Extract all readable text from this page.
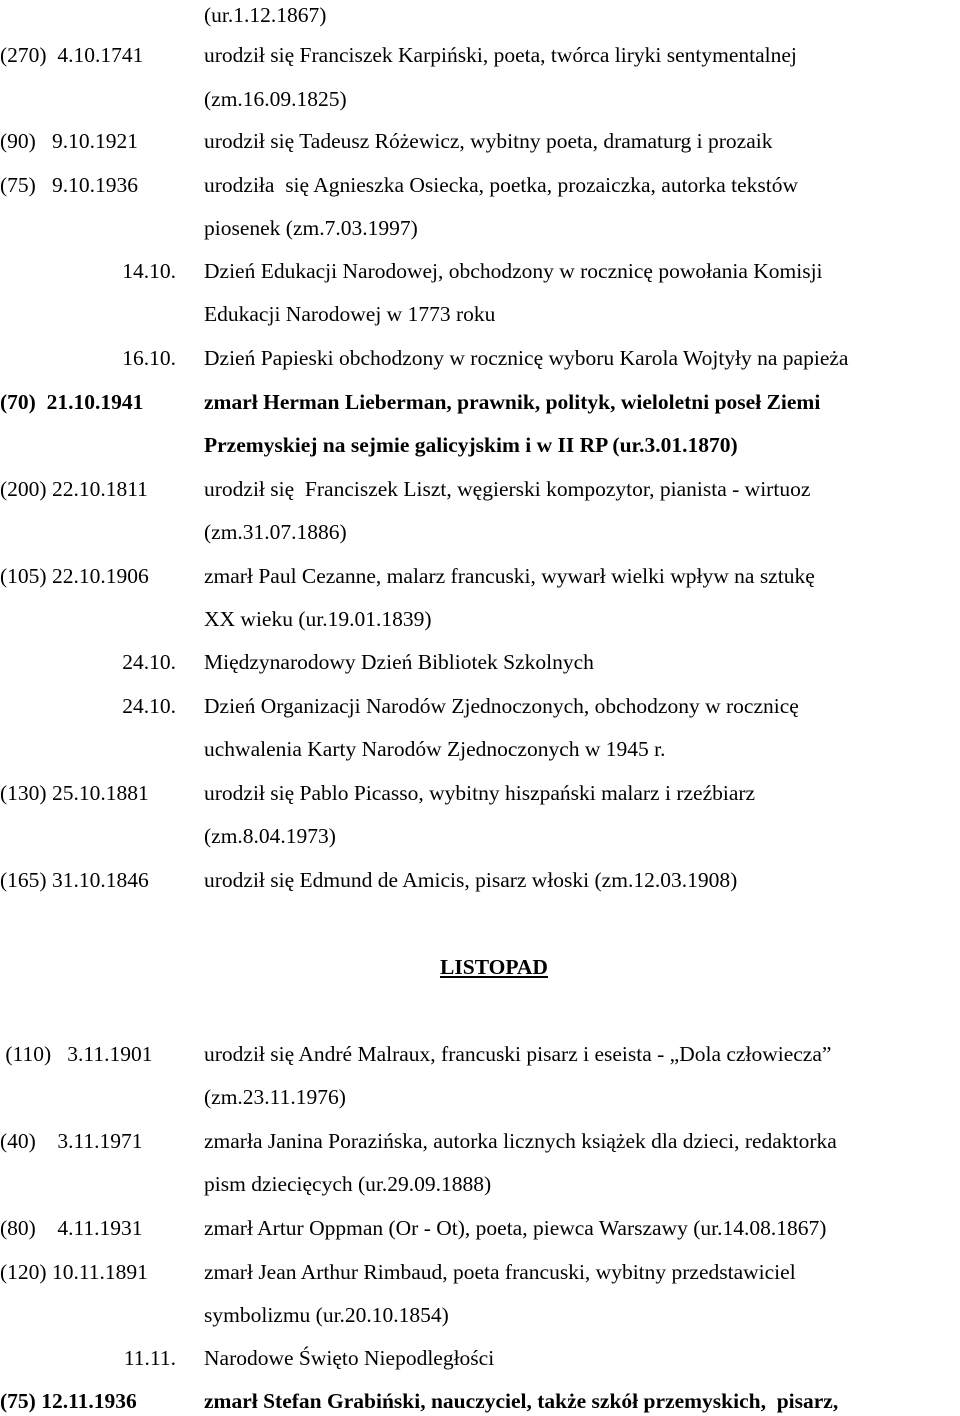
(ur.1.12.1867)
(270)  4.10.1741	urodził się Franciszek Karpiński, poeta, twórca liryki sentymentalnej
(zm.16.09.1825)
(90)   9.10.1921	urodził się Tadeusz Różewicz, wybitny poeta, dramaturg i prozaik
(75)   9.10.1936	urodziła  się Agnieszka Osiecka, poetka, prozaiczka, autorka tekstów
piosenek (zm.7.03.1997)
14.10. Dzień Edukacji Narodowej, obchodzony w rocznicę powołania Komisji
Edukacji Narodowej w 1773 roku
16.10. Dzień Papieski obchodzony w rocznicę wyboru Karola Wojtyły na papieża
(70)  21.10.1941	zmarł Herman Lieberman, prawnik, polityk, wieloletni poseł Ziemi
Przemyskiej na sejmie galicyjskim i w II RP (ur.3.01.1870)
(200) 22.10.1811	urodził się  Franciszek Liszt, węgierski kompozytor, pianista - wirtuoz
(zm.31.07.1886)
(105) 22.10.1906	zmarł Paul Cezanne, malarz francuski, wywarł wielki wpływ na sztukę
XX wieku (ur.19.01.1839)
24.10. Międzynarodowy Dzień Bibliotek Szkolnych
24.10. Dzień Organizacji Narodów Zjednoczonych, obchodzony w rocznicę
uchwalenia Karty Narodów Zjednoczonych w 1945 r.
(130) 25.10.1881	urodził się Pablo Picasso, wybitny hiszpański malarz i rzeźbiarz
(zm.8.04.1973)
(165) 31.10.1846	urodził się Edmund de Amicis, pisarz włoski (zm.12.03.1908)
LISTOPAD
(110)   3.11.1901	urodził się André Malraux, francuski pisarz i eseista - „Dola człowiecza”
(zm.23.11.1976)
(40)    3.11.1971	zmarła Janina Porazińska, autorka licznych książek dla dzieci, redaktorka
pism dziecięcych (ur.29.09.1888)
(80)    4.11.1931	zmarł Artur Oppman (Or - Ot), poeta, piewca Warszawy (ur.14.08.1867)
(120) 10.11.1891	zmarł Jean Arthur Rimbaud, poeta francuski, wybitny przedstawiciel
symbolizmu (ur.20.10.1854)
11.11. Narodowe Święto Niepodległości
(75) 12.11.1936	zmarł Stefan Grabiński, nauczyciel, także szkół przemyskich,  pisarz,
